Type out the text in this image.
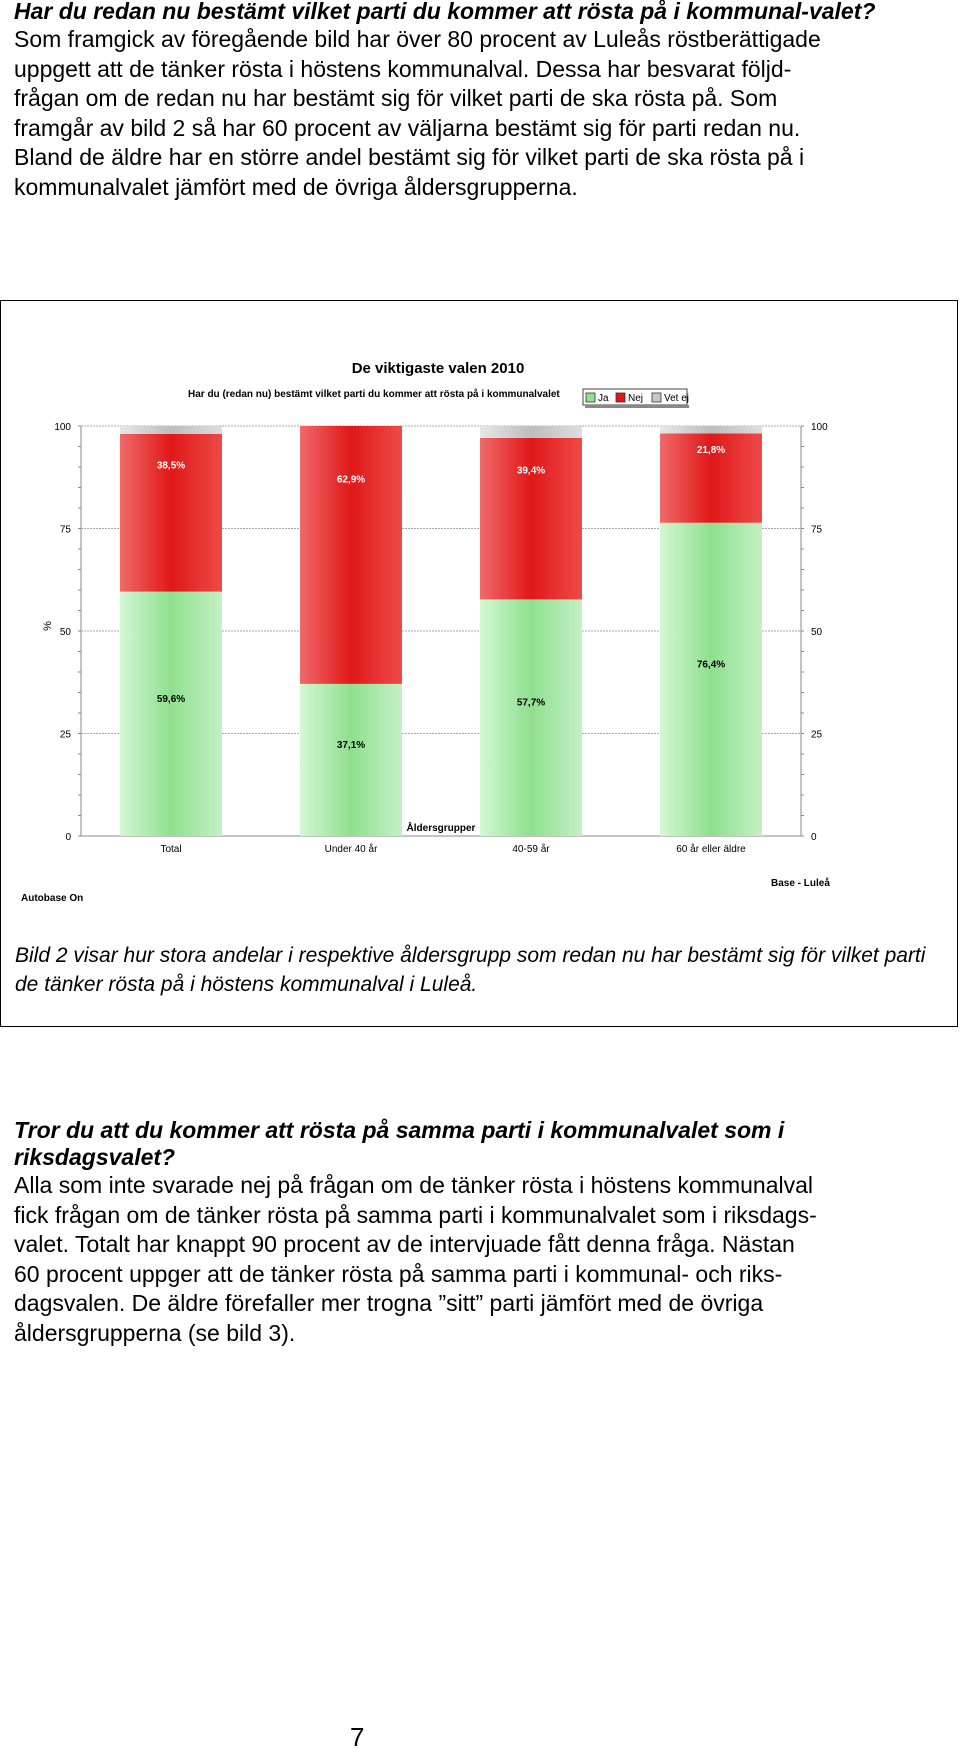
Har du redan nu bestämt vilket parti du kommer att rösta på i kommunal-valet?

Som framgick av föregående bild har över 80 procent av Luleås röstberättigade

uppgett att de tänker rösta i höstens kommunalval. Dessa har besvarat följd-

frågan om de redan nu har bestämt sig för vilket parti de ska rösta på. Som

framgår av bild 2 så har 60 procent av väljarna bestämt sig för parti redan nu.

Bland de äldre har en större andel bestämt sig för vilket parti de ska rösta på i

kommunalvalet jämfört med de övriga åldersgrupperna.

De viktigaste valen 2010
Har du (redan nu) bestämt vilket parti du kommer att rösta på i kommunalvalet	Ja Nej Vet ej
59,6%
38,5%
37,1%
62,9%
57,7%
39,4%
76,4%
21,8%
0	0
25	25
50	50
75	75
100	100
Total	Under 40 år	40-59 år	60 år eller äldre
%
Åldersgrupper
Autobase On
Base - Luleå

Bild 2 visar hur stora andelar i respektive åldersgrupp som redan nu har bestämt sig för vilket parti de tänker rösta på i höstens kommunalval i Luleå.

Tror du att du kommer att rösta på samma parti i kommunalvalet som i riksdagsvalet?

Alla som inte svarade nej på frågan om de tänker rösta i höstens kommunalval

fick frågan om de tänker rösta på samma parti i kommunalvalet som i riksdags-

valet. Totalt har knappt 90 procent av de intervjuade fått denna fråga. Nästan

60 procent uppger att de tänker rösta på samma parti i kommunal- och riks-

dagsvalen. De äldre förefaller mer trogna ”sitt” parti jämfört med de övriga

åldersgrupperna (se bild 3).

7
